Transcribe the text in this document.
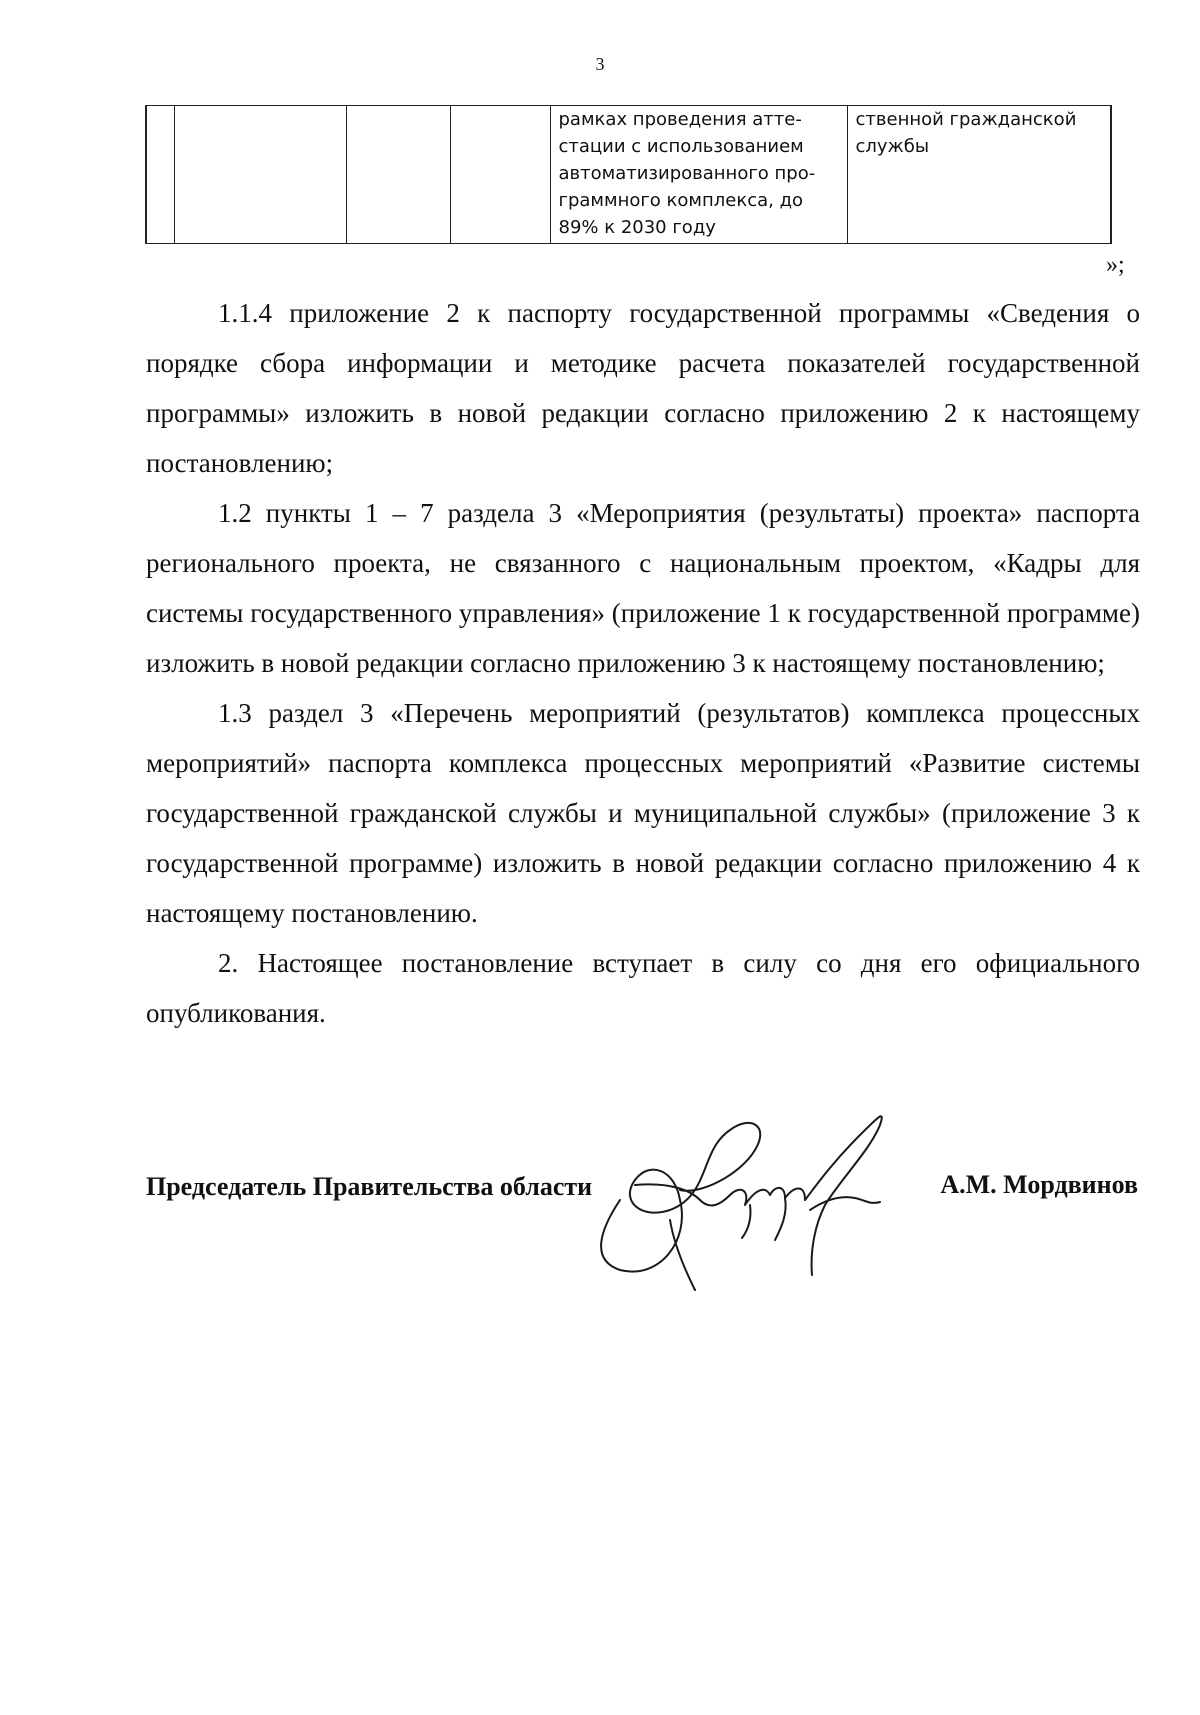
3
				рамках проведения атте-
стации с использованием
автоматизированного про-
граммного комплекса, до
89% к 2030 году	ственной гражданской
службы
»;

1.1.4 приложение 2 к паспорту государственной программы «Сведения о порядке сбора информации и методике расчета показателей государственной программы» изложить в новой редакции согласно приложению 2 к настоящему постановлению;

1.2 пункты 1 – 7 раздела 3 «Мероприятия (результаты) проекта» паспорта регионального проекта, не связанного с национальным проектом, «Кадры для системы государственного управления» (приложение 1 к государственной программе) изложить в новой редакции согласно приложению 3 к настоящему постановлению;

1.3 раздел 3 «Перечень мероприятий (результатов) комплекса процессных мероприятий» паспорта комплекса процессных мероприятий «Развитие системы государственной гражданской службы и муниципальной службы» (приложение 3 к государственной программе) изложить в новой редакции согласно приложению 4 к настоящему постановлению.

2. Настоящее постановление вступает в силу со дня его официального опубликования.

Председатель Правительства области	А.М. Мордвинов
